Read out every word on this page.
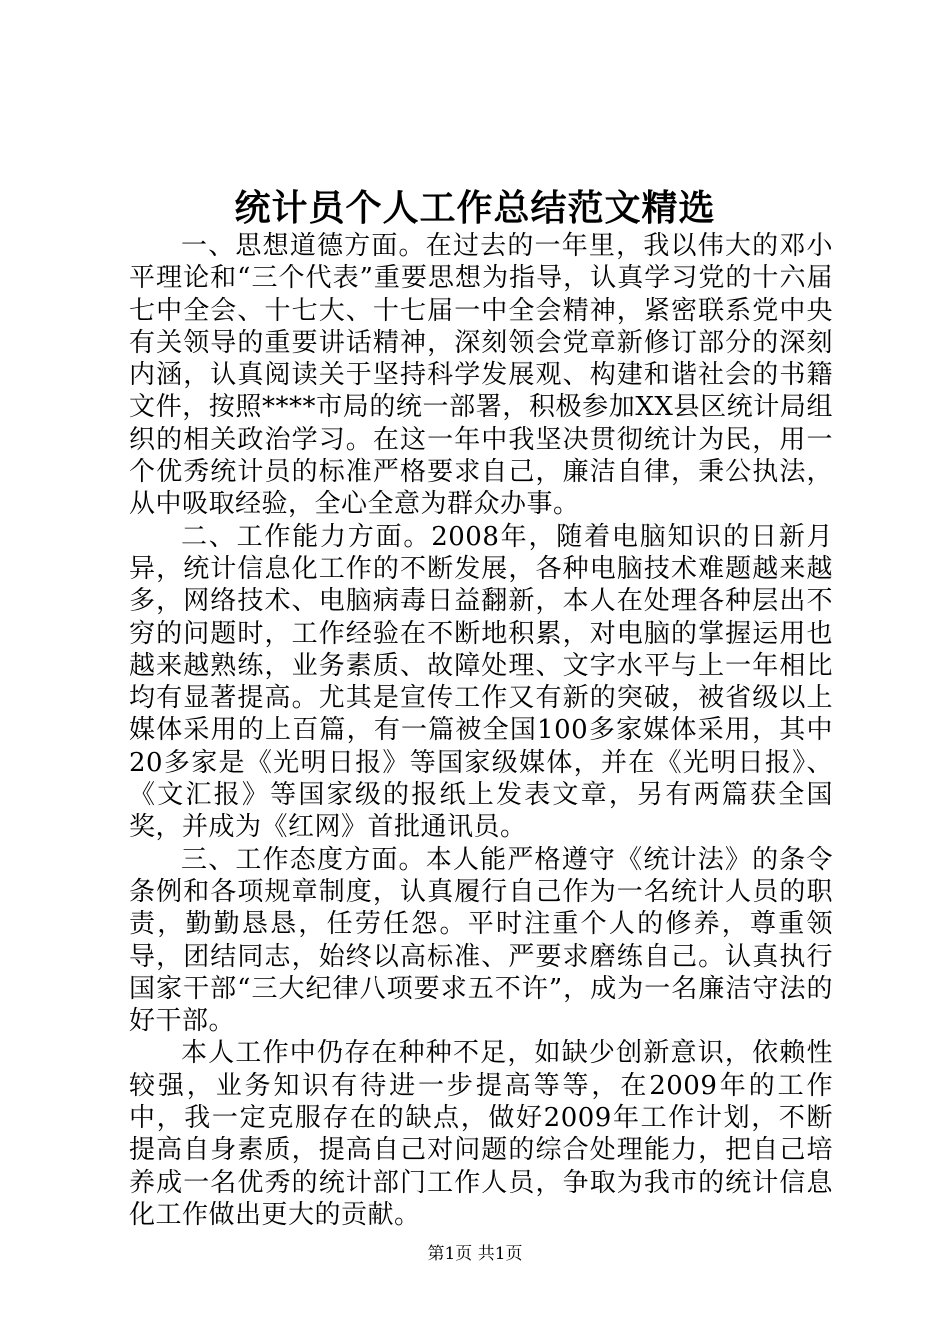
统计员个人工作总结范文精选

一、思想道德方面。在过去的一年里，我以伟大的邓小平理论和“三个代表”重要思想为指导，认真学习党的十六届七中全会、十七大、十七届一中全会精神，紧密联系党中央有关领导的重要讲话精神，深刻领会党章新修订部分的深刻内涵，认真阅读关于坚持科学发展观、构建和谐社会的书籍文件，按照****市局的统一部署，积极参加XX县区统计局组织的相关政治学习。在这一年中我坚决贯彻统计为民，用一个优秀统计员的标准严格要求自己，廉洁自律，秉公执法，从中吸取经验，全心全意为群众办事。

二、工作能力方面。2008年，随着电脑知识的日新月异，统计信息化工作的不断发展，各种电脑技术难题越来越多，网络技术、电脑病毒日益翻新，本人在处理各种层出不穷的问题时，工作经验在不断地积累，对电脑的掌握运用也越来越熟练，业务素质、故障处理、文字水平与上一年相比均有显著提高。尤其是宣传工作又有新的突破，被省级以上媒体采用的上百篇，有一篇被全国100多家媒体采用，其中20多家是《光明日报》等国家级媒体，并在《光明日报》、《文汇报》等国家级的报纸上发表文章，另有两篇获全国奖，并成为《红网》首批通讯员。

三、工作态度方面。本人能严格遵守《统计法》的条令条例和各项规章制度，认真履行自己作为一名统计人员的职责，勤勤恳恳，任劳任怨。平时注重个人的修养，尊重领导，团结同志，始终以高标准、严要求磨练自己。认真执行国家干部“三大纪律八项要求五不许”，成为一名廉洁守法的好干部。

本人工作中仍存在种种不足，如缺少创新意识，依赖性较强，业务知识有待进一步提高等等，在2009年的工作中，我一定克服存在的缺点，做好2009年工作计划，不断提高自身素质，提高自己对问题的综合处理能力，把自己培养成一名优秀的统计部门工作人员，争取为我市的统计信息化工作做出更大的贡献。

第1页 共1页
